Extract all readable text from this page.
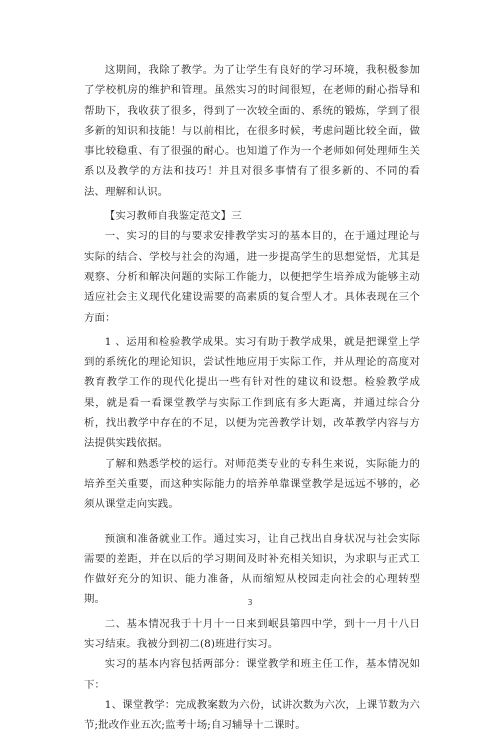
这期间，我除了教学。为了让学生有良好的学习环境，我积极参加了学校机房的维护和管理。虽然实习的时间很短，在老师的耐心指导和帮助下，我收获了很多，得到了一次较全面的、系统的锻炼，学到了很多新的知识和技能！与以前相比，在很多时候，考虑问题比较全面，做事比较稳重、有了很强的耐心。也知道了作为一个老师如何处理师生关系以及教学的方法和技巧！并且对很多事情有了很多新的、不同的看法、理解和认识。

【实习教师自我鉴定范文】三

一、实习的目的与要求安排教学实习的基本目的，在于通过理论与实际的结合、学校与社会的沟通，进一步提高学生的思想觉悟，尤其是观察、分析和解决问题的实际工作能力，以便把学生培养成为能够主动适应社会主义现代化建设需要的高素质的复合型人才。具体表现在三个方面：

1 、运用和检验教学成果。实习有助于教学成果，就是把课堂上学到的系统化的理论知识，尝试性地应用于实际工作，并从理论的高度对教育教学工作的现代化提出一些有针对性的建议和设想。检验教学成果，就是看一看课堂教学与实际工作到底有多大距离，并通过综合分析，找出教学中存在的不足，以便为完善教学计划，改革教学内容与方法提供实践依据。

了解和熟悉学校的运行。对师范类专业的专科生来说，实际能力的培养至关重要，而这种实际能力的培养单靠课堂教学是远远不够的，必须从课堂走向实践。

预演和准备就业工作。通过实习，让自己找出自身状况与社会实际需要的差距，并在以后的学习期间及时补充相关知识，为求职与正式工作做好充分的知识、能力准备，从而缩短从校园走向社会的心理转型期。

二、基本情况我于十月十一日来到岷县第四中学，到十一月十八日实习结束。我被分到初二(8)班进行实习。

实习的基本内容包括两部分：课堂教学和班主任工作，基本情况如下：

1、课堂教学：完成教案数为六份，试讲次数为六次，上课节数为六节;批改作业五次;监考十场;自习辅导十二课时。

3
